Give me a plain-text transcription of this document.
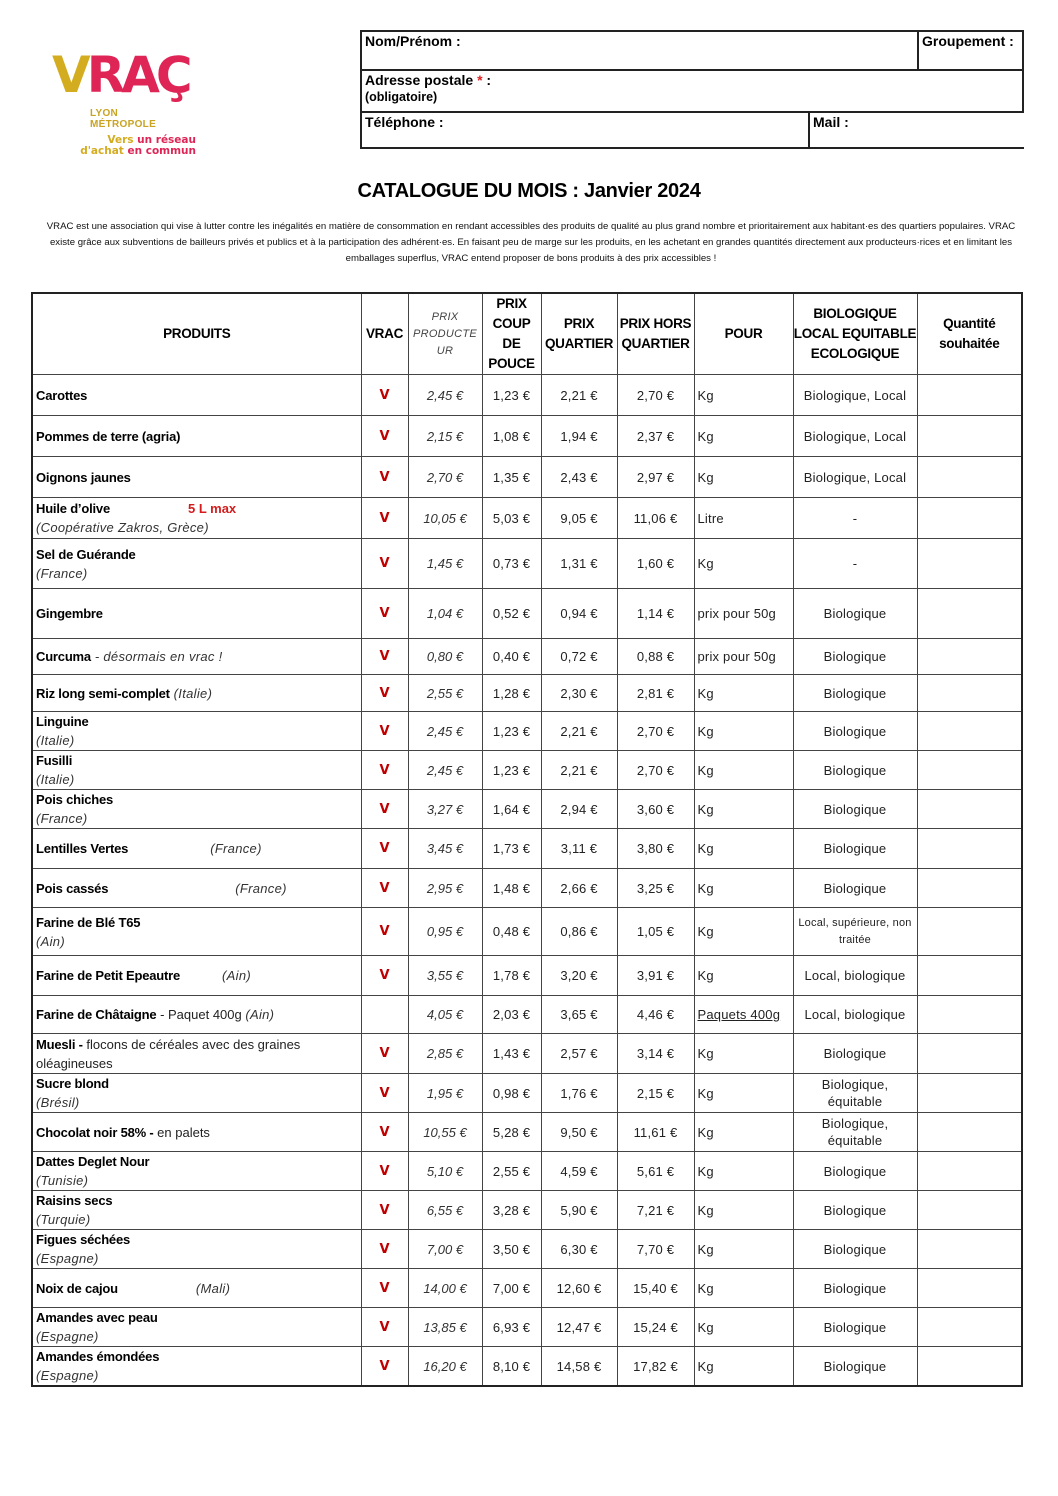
VRAÇ
LYON
MÉTROPOLE
Vers un réseau
d'achat en commun
Nom/Prénom :	Groupement :
Adresse postale * :
(obligatoire)
Téléphone :	Mail :
CATALOGUE DU MOIS : Janvier 2024
VRAC est une association qui vise à lutter contre les inégalités en matière de consommation en rendant accessibles des produits de qualité au plus grand nombre et prioritairement aux habitant·es des quartiers populaires. VRAC existe grâce aux subventions de bailleurs privés et publics et à la participation des adhérent·es. En faisant peu de marge sur les produits, en les achetant en grandes quantités directement aux producteurs·rices et en limitant les emballages superflus, VRAC entend proposer de bons produits à des prix accessibles !
PRODUITS	VRAC	PRIX PRODUCTE UR	PRIX COUP DE POUCE	PRIX QUARTIER	PRIX HORS QUARTIER	POUR	BIOLOGIQUE LOCAL EQUITABLE ECOLOGIQUE	Quantité souhaitée
Carottes	V	2,45 €	1,23 €	2,21 €	2,70 €	Kg	Biologique, Local	
Pommes de terre (agria)	V	2,15 €	1,08 €	1,94 €	2,37 €	Kg	Biologique, Local	
Oignons jaunes	V	2,70 €	1,35 €	2,43 €	2,97 €	Kg	Biologique, Local	
Huile d’olive 5 L max
(Coopérative Zakros, Grèce)	V	10,05 €	5,03 €	9,05 €	11,06 €	Litre	-	
Sel de Guérande
(France)	V	1,45 €	0,73 €	1,31 €	1,60 €	Kg	-	
Gingembre	V	1,04 €	0,52 €	0,94 €	1,14 €	prix pour 50g	Biologique	
Curcuma - désormais en vrac !	V	0,80 €	0,40 €	0,72 €	0,88 €	prix pour 50g	Biologique	
Riz long semi-complet (Italie)	V	2,55 €	1,28 €	2,30 €	2,81 €	Kg	Biologique	
Linguine
(Italie)	V	2,45 €	1,23 €	2,21 €	2,70 €	Kg	Biologique	
Fusilli
(Italie)	V	2,45 €	1,23 €	2,21 €	2,70 €	Kg	Biologique	
Pois chiches
(France)	V	3,27 €	1,64 €	2,94 €	3,60 €	Kg	Biologique	
Lentilles Vertes (France)	V	3,45 €	1,73 €	3,11 €	3,80 €	Kg	Biologique	
Pois cassés (France)	V	2,95 €	1,48 €	2,66 €	3,25 €	Kg	Biologique	
Farine de Blé T65
(Ain)	V	0,95 €	0,48 €	0,86 €	1,05 €	Kg	Local, supérieure, non traitée	
Farine de Petit Epeautre (Ain)	V	3,55 €	1,78 €	3,20 €	3,91 €	Kg	Local, biologique	
Farine de Châtaigne - Paquet 400g (Ain)		4,05 €	2,03 €	3,65 €	4,46 €	Paquets 400g	Local, biologique	
Muesli - flocons de céréales avec des graines oléagineuses	V	2,85 €	1,43 €	2,57 €	3,14 €	Kg	Biologique	
Sucre blond
(Brésil)	V	1,95 €	0,98 €	1,76 €	2,15 €	Kg	Biologique, équitable	
Chocolat noir 58% - en palets	V	10,55 €	5,28 €	9,50 €	11,61 €	Kg	Biologique, équitable	
Dattes Deglet Nour
(Tunisie)	V	5,10 €	2,55 €	4,59 €	5,61 €	Kg	Biologique	
Raisins secs
(Turquie)	V	6,55 €	3,28 €	5,90 €	7,21 €	Kg	Biologique	
Figues séchées
(Espagne)	V	7,00 €	3,50 €	6,30 €	7,70 €	Kg	Biologique	
Noix de cajou (Mali)	V	14,00 €	7,00 €	12,60 €	15,40 €	Kg	Biologique	
Amandes avec peau
(Espagne)	V	13,85 €	6,93 €	12,47 €	15,24 €	Kg	Biologique	
Amandes émondées
(Espagne)	V	16,20 €	8,10 €	14,58 €	17,82 €	Kg	Biologique	
